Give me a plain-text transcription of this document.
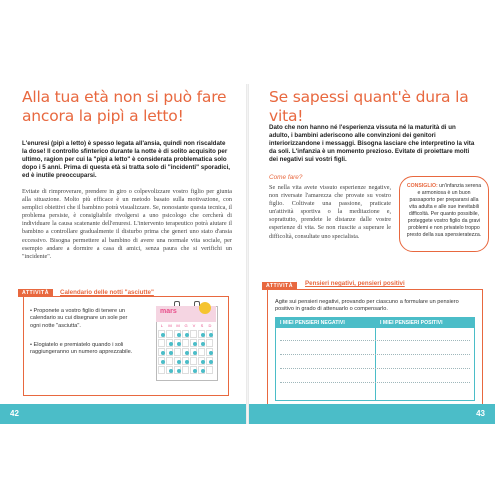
Alla tua età non si può fare ancora la pipì a letto!

L'enuresi (pipì a letto) è spesso legata all'ansia, quindi non riscaldate la dose! Il controllo sfinterico durante la notte è di solito acquisito per ultimo, ragion per cui la "pipì a letto" è considerata problematica solo dopo i 5 anni. Prima di questa età si tratta solo di "incidenti" sporadici, ed è inutile preoccuparsi.

Evitate di rimproverare, prendere in giro o colpevolizzare vostro figlio per giunta alla situazione. Molto più efficace è un metodo basato sulla motivazione, con semplici obiettivi che il bambino potrà visualizzare. Se, nonostante questa tecnica, il problema persiste, è consigliabile rivolgersi a uno psicologo che cercherà di individuare la causa scatenante dell'enuresi. L'intervento terapeutico potrà aiutare il bambino a controllare gradualmente il disturbo prima che generi uno stato d'ansia eccessivo. Bisogna permettere al bambino di avere una normale vita sociale, per esempio andare a dormire a casa di amici, senza paura che si verifichi un "incidente".

ATTIVITÀ	Calendario delle notti "asciutte"

• Proponete a vostro figlio di tenere un calendario su cui disegnare un sole per ogni notte "asciutta".

• Elogiatelo e premiatelo quando i soli raggiungeranno un numero apprezzabile.

mars
L	M	M	G	V	S	D
42
Se sapessi quant'è dura la vita!

Dato che non hanno né l'esperienza vissuta né la maturità di un adulto, i bambini aderiscono alle convinzioni dei genitori interiorizzandone i messaggi. Bisogna lasciare che interpretino la vita da soli. L'infanzia è un momento prezioso. Evitate di proiettare molti dei negativi sui vostri figli.

Come fare?

Se nella vita avete vissuto esperienze negative, non riversate l'amarezza che provate su vostro figlio. Coltivate una passione, praticate un'attività sportiva o la meditazione e, soprattutto, prendete le distanze dalle vostre esperienze di vita. Se non riuscite a superare le difficoltà, consultate uno specialista.

CONSIGLIO: un'infanzia serena e armoniosa è un buon passaporto per prepararsi alla vita adulta e alle sue inevitabili difficoltà. Per quanto possibile, proteggete vostro figlio da gravi problemi e non privatelo troppo presto della sua spensieratezza.

ATTIVITÀ	Pensieri negativi, pensieri positivi

Agite sui pensieri negativi, provando per ciascuno a formulare un pensiero positivo in grado di attenuarlo o compensarlo.

I MIEI PENSIERI NEGATIVI	I MIEI PENSIERI POSITIVI
43
